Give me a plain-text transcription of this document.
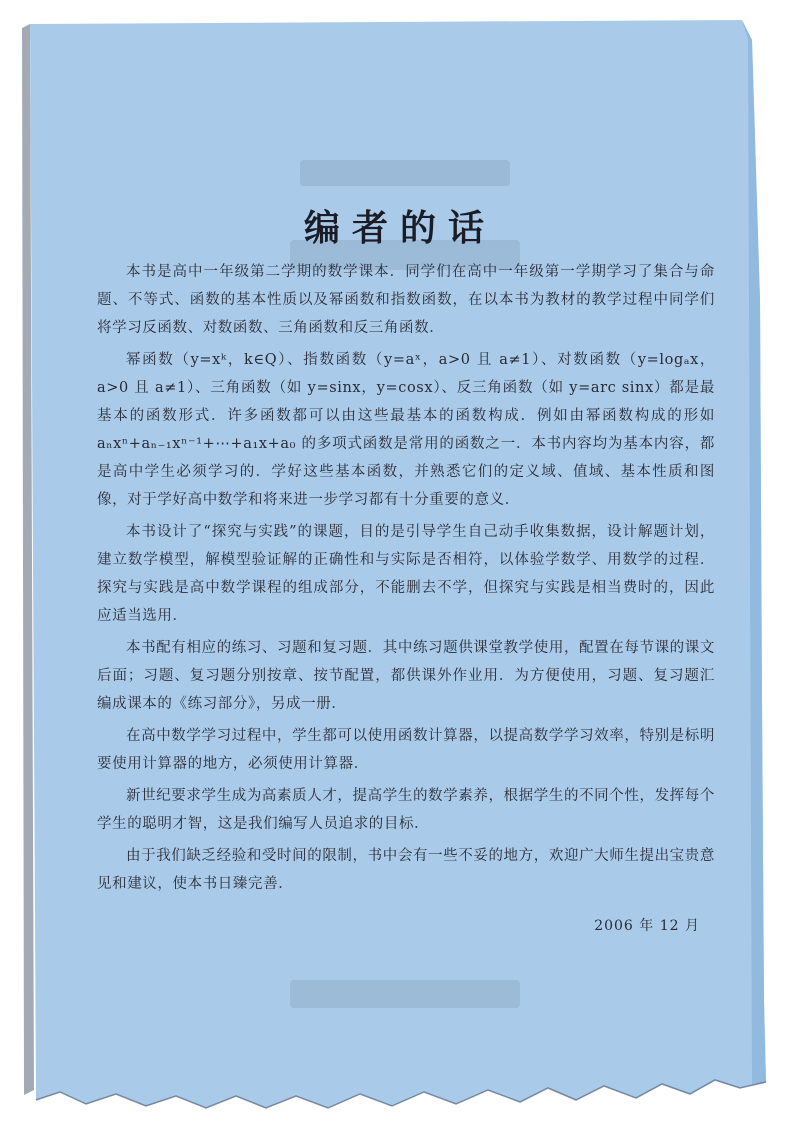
编者的话

本书是高中一年级第二学期的数学课本．同学们在高中一年级第一学期学习了集合与命题、不等式、函数的基本性质以及幂函数和指数函数，在以本书为教材的教学过程中同学们将学习反函数、对数函数、三角函数和反三角函数．

幂函数（y=xᵏ，k∈Q）、指数函数（y=aˣ，a>0 且 a≠1）、对数函数（y=logₐx，a>0 且 a≠1）、三角函数（如 y=sinx，y=cosx）、反三角函数（如 y=arc sinx）都是最基本的函数形式．许多函数都可以由这些最基本的函数构成．例如由幂函数构成的形如 aₙxⁿ+aₙ₋₁xⁿ⁻¹+⋯+a₁x+a₀ 的多项式函数是常用的函数之一．本书内容均为基本内容，都是高中学生必须学习的．学好这些基本函数，并熟悉它们的定义域、值域、基本性质和图像，对于学好高中数学和将来进一步学习都有十分重要的意义．

本书设计了“探究与实践”的课题，目的是引导学生自己动手收集数据，设计解题计划，建立数学模型，解模型验证解的正确性和与实际是否相符，以体验学数学、用数学的过程．探究与实践是高中数学课程的组成部分，不能删去不学，但探究与实践是相当费时的，因此应适当选用．

本书配有相应的练习、习题和复习题．其中练习题供课堂教学使用，配置在每节课的课文后面；习题、复习题分别按章、按节配置，都供课外作业用．为方便使用，习题、复习题汇编成课本的《练习部分》，另成一册．

在高中数学学习过程中，学生都可以使用函数计算器，以提高数学学习效率，特别是标明要使用计算器的地方，必须使用计算器．

新世纪要求学生成为高素质人才，提高学生的数学素养，根据学生的不同个性，发挥每个学生的聪明才智，这是我们编写人员追求的目标．

由于我们缺乏经验和受时间的限制，书中会有一些不妥的地方，欢迎广大师生提出宝贵意见和建议，使本书日臻完善．

2006 年 12 月
